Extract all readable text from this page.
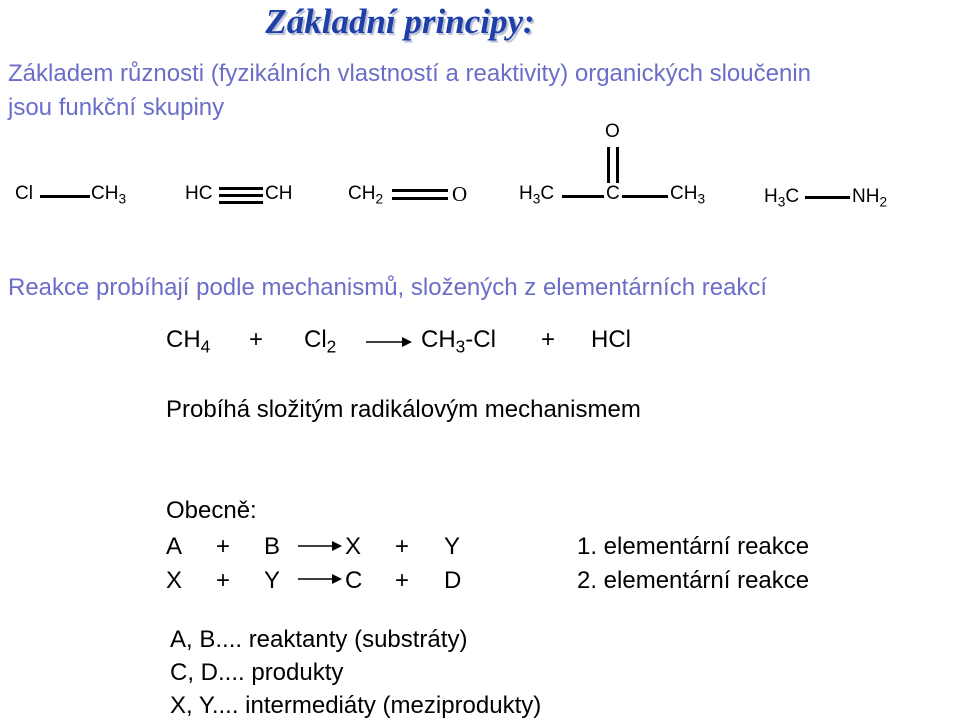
Základní principy:
Základem různosti (fyzikálních vlastností a reaktivity) organických sloučenin
jsou funkční skupiny
Cl	$CH_3$	HC	CH	$CH_2$	O
O
$H_3C$	C	$CH_3$	$H_3C$	$NH_2$
Reakce probíhají podle mechanismů, složených z elementárních reakcí
$CH_4 + Cl_2$	$CH_3-Cl$ + HCl
Probíhá složitým radikálovým mechanismem
Obecně:
A + B	X + Y	1. elementární reakce
X + Y	C + D	2. elementární reakce
A, B.... reaktanty (substráty)
C, D.... produkty
X, Y.... intermediáty (meziprodukty)
